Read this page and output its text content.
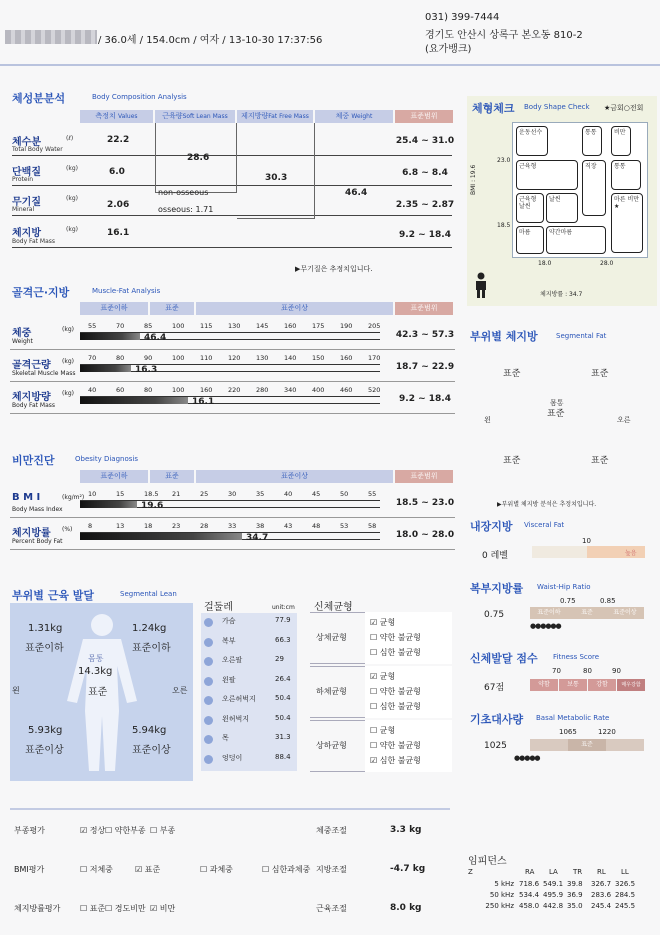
/ 36.0세 / 154.0cm / 여자 / 13-10-30 17:37:56
031) 399-7444
경기도 안산시 상록구 본오동 810-2
(요가뱅크)
체성분분석	Body Composition Analysis
측정치 Values	근육량Soft Lean Mass	제지방량Fat Free Mass	체중 Weight	표준범위
체수분	(ℓ)
Total Body Water
22.2	25.4 ~ 31.0
단백질	(kg)
Protein
6.0	6.8 ~ 8.4
무기질	(kg)
Mineral	2.06	2.35 ~ 2.87
체지방	(kg)
Body Fat Mass
16.1	9.2 ~ 18.4
28.6
30.3
46.4
non-osseous
osseous: 1.71
▶무기질은 추정치입니다.
골격근·지방	Muscle-Fat Analysis
표준이하	표준	표준이상	표준범위
비만진단	Obesity Diagnosis
표준이하	표준	표준이상	표준범위
부위별 근육 발달	Segmental Lean
1.31kg
표준이하
1.24kg
표준이하
몸통
14.3kg
표준
왼	오른
5.93kg
표준이상
5.94kg
표준이상
걸둘레	unit:cm 신체균형
체형체크 Body Shape Check ★금회○전회
23.0
18.5
18.0	28.0
BMI : 19.6
체지방률 : 34.7
부위별 체지방	Segmental Fat
표준	표준
몸통
표준
왼	오른
표준	표준
▶부위별 체지방 분석은 추정치입니다.
내장지방 Visceral Fat
10
높음
0 레벨
복부지방률 Waist-Hip Ratio
0.75	0.85
표준이하	표준	표준이상
●●●●●●
0.75
신체발달 점수 Fitness Score
70	80	90
약함	보통	강함	매우강함
67점
기초대사량 Basal Metabolic Rate
1065	1220
표준
●●●●●
1025
임피던스
Z
체중	(kg)
Weight
55	70	85	100 115 130 145 160 175 190 205
46.4	42.3 ~ 57.3
골격근량 (kg)
Skeletal Muscle Mass
70	80	90	100 110 120 130 140 150 160 170
16.3	18.7 ~ 22.9
체지방량 (kg)
Body Fat Mass
40	60	80	100 160 220 280 340 400 460 520
16.1	9.2 ~ 18.4
B M I	(kg/m²)
Body Mass Index
10	15	18.5 21	25	30	35	40	45	50	55
19.6	18.5 ~ 23.0
체지방률 (%)
Percent Body Fat
8	13	18	23	28	33	38	43	48	53	58
34.7	18.0 ~ 28.0
가슴	77.9
복부	66.3
오른팔	29
왼팔	26.4
오른허벅지	50.4
왼허벅지	50.4
목	31.3
엉덩이	88.4
상체균형
☑ 균형
☐ 약한 불균형
☐ 심한 불균형
하체균형
☑ 균형
☐ 약한 불균형
☐ 심한 불균형
상하균형
☐ 균형
☐ 약한 불균형
☑ 심한 불균형
운동선수	통통	비만
근육형	직장	통통
근육형 날씬
날씬	마른 비만 ★
마름	약간마름
부종평가	☑ 정상 ☐ 약한부종 ☐ 부종
BMI평가	☐ 저체중	☑ 표준	☐ 과체중	☐ 심한과체중
체지방률평가 ☐ 표준 ☐ 경도비만 ☑ 비만
체중조절	3.3 kg
지방조절	-4.7 kg
근육조절	8.0 kg
RA LA TR RL LL
5 kHz 718.6 549.1 39.8 326.7 326.5
50 kHz 534.4 495.9 36.9 283.6 284.5
250 kHz 458.0 442.8 35.0 245.4 245.5
